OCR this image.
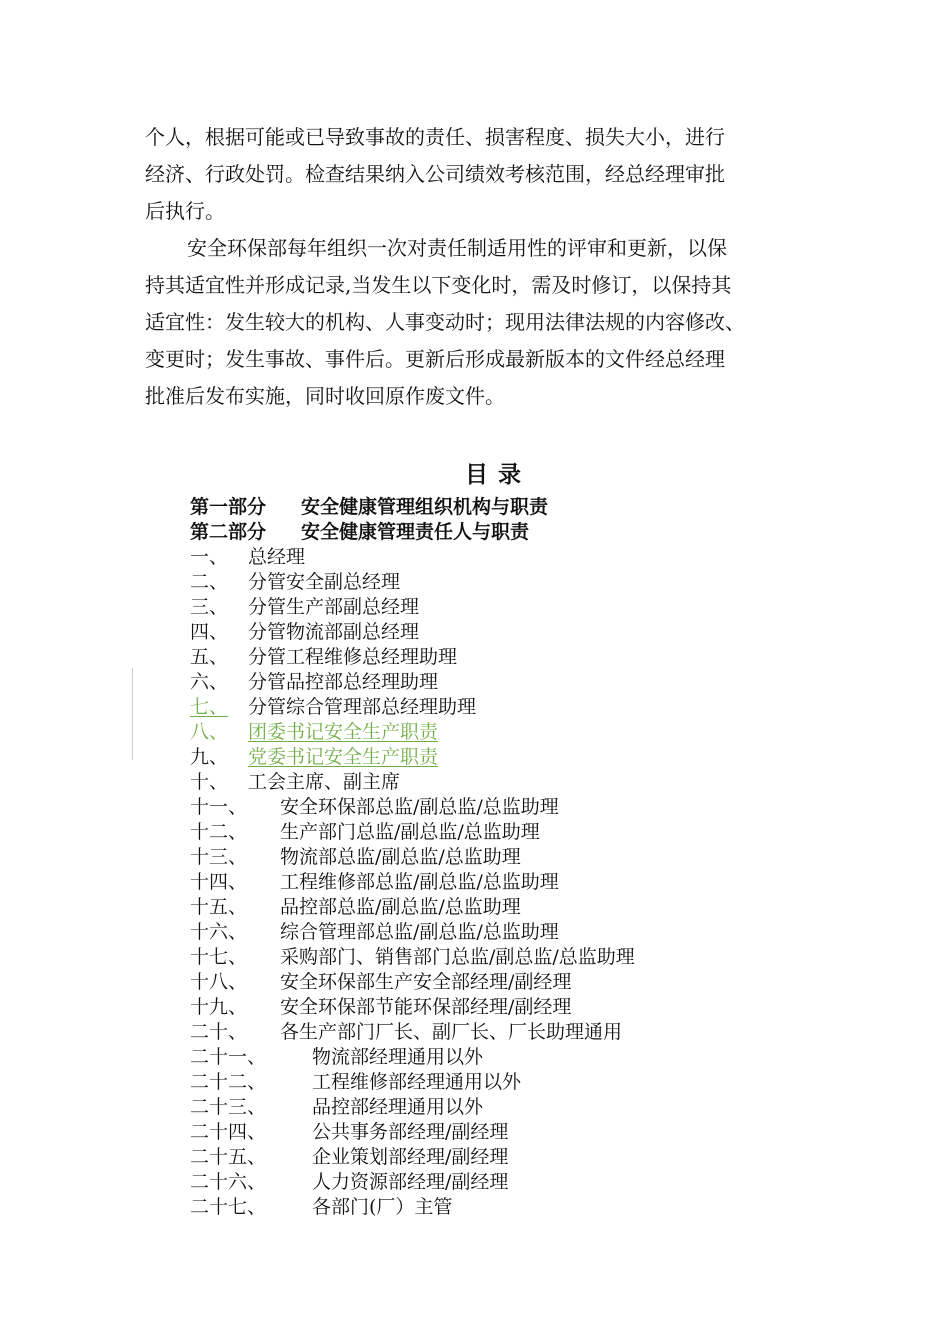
个人，根据可能或已导致事故的责任、损害程度、损失大小，进行
经济、行政处罚。检查结果纳入公司绩效考核范围，经总经理审批
后执行。
安全环保部每年组织一次对责任制适用性的评审和更新，以保
持其适宜性并形成记录,当发生以下变化时，需及时修订，以保持其
适宜性：发生较大的机构、人事变动时；现用法律法规的内容修改、
变更时；发生事故、事件后。更新后形成最新版本的文件经总经理
批准后发布实施，同时收回原作废文件。
目录
第一部分 安全健康管理组织机构与职责
第二部分 安全健康管理责任人与职责
一、 总经理
二、 分管安全副总经理
三、 分管生产部副总经理
四、 分管物流部副总经理
五、 分管工程维修总经理助理
六、 分管品控部总经理助理
七、 分管综合管理部总经理助理
八、 团委书记安全生产职责
九、 党委书记安全生产职责
十、 工会主席、副主席
十一、 安全环保部总监/副总监/总监助理
十二、 生产部门总监/副总监/总监助理
十三、 物流部总监/副总监/总监助理
十四、 工程维修部总监/副总监/总监助理
十五、 品控部总监/副总监/总监助理
十六、 综合管理部总监/副总监/总监助理
十七、 采购部门、销售部门总监/副总监/总监助理
十八、 安全环保部生产安全部经理/副经理
十九、 安全环保部节能环保部经理/副经理
二十、 各生产部门厂长、副厂长、厂长助理通用
二十一、 物流部经理通用以外
二十二、 工程维修部经理通用以外
二十三、 品控部经理通用以外
二十四、 公共事务部经理/副经理
二十五、 企业策划部经理/副经理
二十六、 人力资源部经理/副经理
二十七、 各部门(厂）主管
